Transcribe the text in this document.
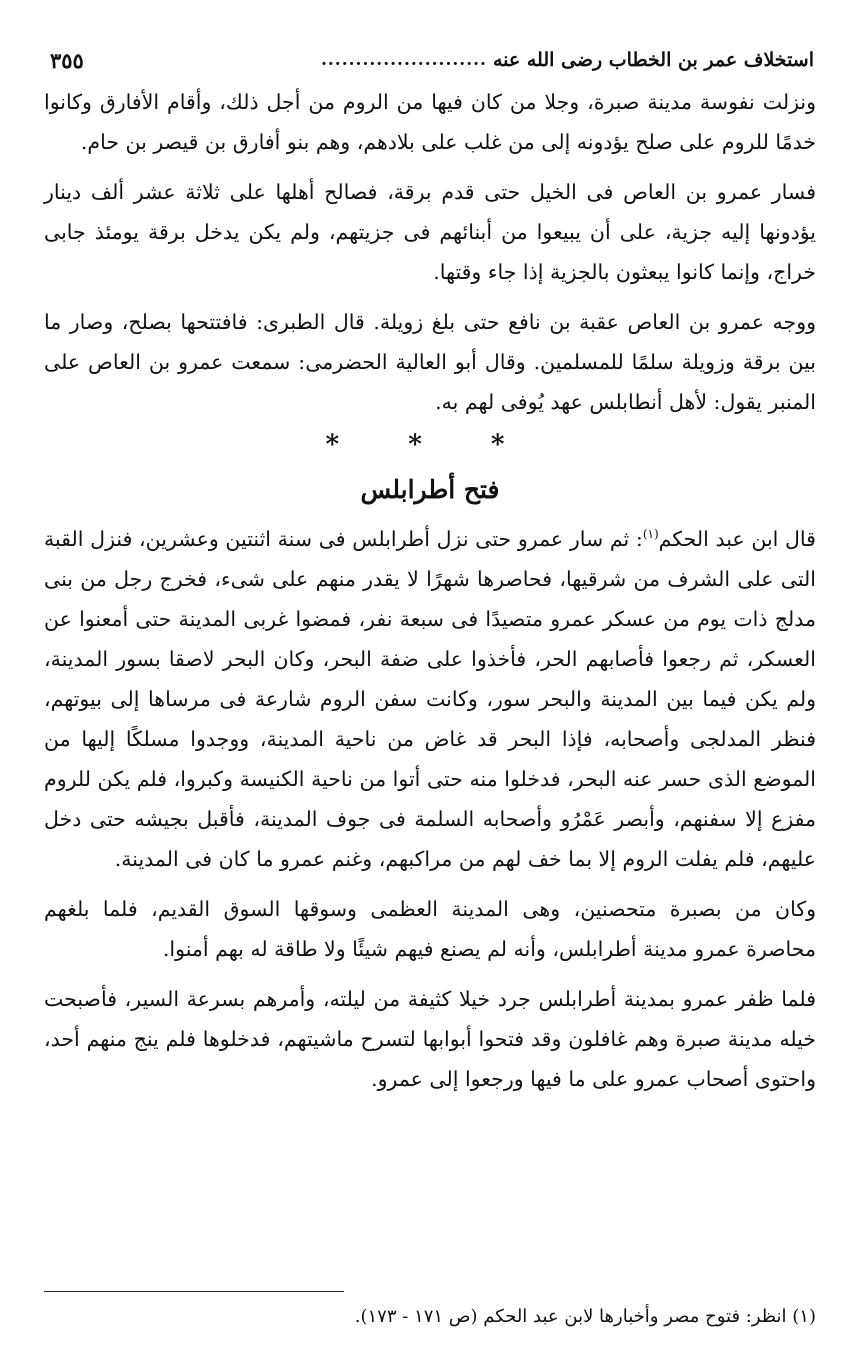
استخلاف عمر بن الخطاب رضى الله عنه
........................
٣٥٥

ونزلت نفوسة مدينة صبرة، وجلا من كان فيها من الروم من أجل ذلك، وأقام الأفارق وكانوا خدمًا للروم على صلح يؤدونه إلى من غلب على بلادهم، وهم بنو أفارق بن قيصر بن حام.

فسار عمرو بن العاص فى الخيل حتى قدم برقة، فصالح أهلها على ثلاثة عشر ألف دينار يؤدونها إليه جزية، على أن يبيعوا من أبنائهم فى جزيتهم، ولم يكن يدخل برقة يومئذ جابى خراج، وإنما كانوا يبعثون بالجزية إذا جاء وقتها.

ووجه عمرو بن العاص عقبة بن نافع حتى بلغ زويلة. قال الطبرى: فافتتحها بصلح، وصار ما بين برقة وزويلة سلمًا للمسلمين. وقال أبو العالية الحضرمى: سمعت عمرو بن العاص على المنبر يقول: لأهل أنطابلس عهد يُوفى لهم به.

* * *
فتح أطرابلس

قال ابن عبد الحكم$^{(١)}$: ثم سار عمرو حتى نزل أطرابلس فى سنة اثنتين وعشرين، فنزل القبة التى على الشرف من شرقيها، فحاصرها شهرًا لا يقدر منهم على شىء، فخرج رجل من بنى مدلج ذات يوم من عسكر عمرو متصيدًا فى سبعة نفر، فمضوا غربى المدينة حتى أمعنوا عن العسكر، ثم رجعوا فأصابهم الحر، فأخذوا على ضفة البحر، وكان البحر لاصقا بسور المدينة، ولم يكن فيما بين المدينة والبحر سور، وكانت سفن الروم شارعة فى مرساها إلى بيوتهم، فنظر المدلجى وأصحابه، فإذا البحر قد غاض من ناحية المدينة، ووجدوا مسلكًا إليها من الموضع الذى حسر عنه البحر، فدخلوا منه حتى أتوا من ناحية الكنيسة وكبروا، فلم يكن للروم مفزع إلا سفنهم، وأبصر عَمْرُو وأصحابه السلمة فى جوف المدينة، فأقبل بجيشه حتى دخل عليهم، فلم يفلت الروم إلا بما خف لهم من مراكبهم، وغنم عمرو ما كان فى المدينة.

وكان من بصبرة متحصنين، وهى المدينة العظمى وسوقها السوق القديم، فلما بلغهم محاصرة عمرو مدينة أطرابلس، وأنه لم يصنع فيهم شيئًا ولا طاقة له بهم أمنوا.

فلما ظفر عمرو بمدينة أطرابلس جرد خيلا كثيفة من ليلته، وأمرهم بسرعة السير، فأصبحت خيله مدينة صبرة وهم غافلون وقد فتحوا أبوابها لتسرح ماشيتهم، فدخلوها فلم ينج منهم أحد، واحتوى أصحاب عمرو على ما فيها ورجعوا إلى عمرو.

(١) انظر: فتوح مصر وأخبارها لابن عبد الحكم (ص ١٧١ - ١٧٣).
